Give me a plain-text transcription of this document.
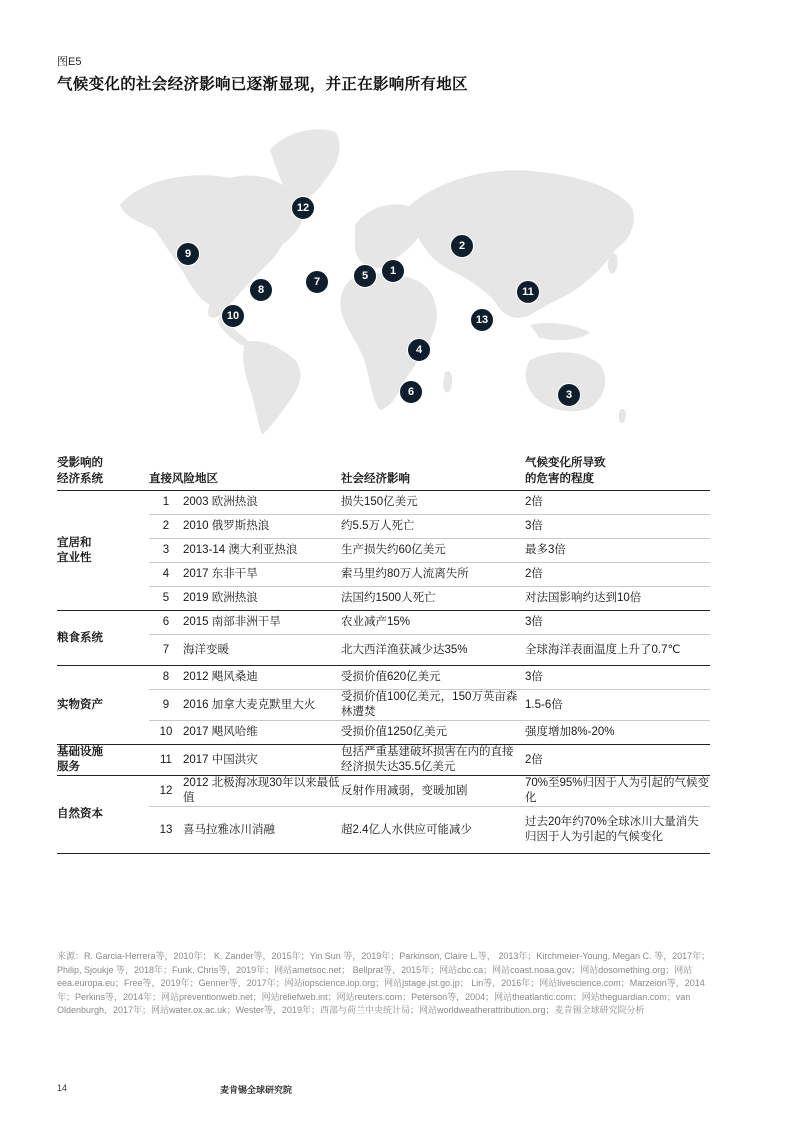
图E5
气候变化的社会经济影响已逐渐显现，并正在影响所有地区
12
9
8
10
7	5	1
2
11
13
4
6	3
受影响的
经济系统	直接风险地区		社会经济影响	气候变化所导致
的危害的程度
宜居和
宜业性	1	2003 欧洲热浪	损失150亿美元	2倍
	2	2010 俄罗斯热浪	约5.5万人死亡	3倍
	3	2013-14 澳大利亚热浪	生产损失约60亿美元	最多3倍
	4	2017 东非干旱	索马里约80万人流离失所	2倍
	5	2019 欧洲热浪	法国约1500人死亡	对法国影响约达到10倍
粮食系统	6	2015 南部非洲干旱	农业减产15%	3倍
	7	海洋变暖	北大西洋渔获减少达35%	全球海洋表面温度上升了0.7℃
实物资产	8	2012 飓风桑迪	受损价值620亿美元	3倍
	9	2016 加拿大麦克默里大火	受损价值100亿美元，150万英亩森林遭焚	1.5-6倍
	10	2017 飓风哈维	受损价值1250亿美元	强度增加8%-20%
基础设施
服务	11	2017 中国洪灾	包括严重基建破坏损害在内的直接经济损失达35.5亿美元	2倍
自然资本	12	2012 北极海冰现30年以来最低值	反射作用减弱，变暖加剧	70%至95%归因于人为引起的气候变化
	13	喜马拉雅冰川消融	超2.4亿人水供应可能减少	过去20年约70%全球冰川大量消失归因于人为引起的气候变化
来源：R. Garcia-Herrera等，2010年； K. Zander等，2015年；Yin Sun 等，2019年；Parkinson, Claire L.等， 2013年；Kirchmeier-Young, Megan C. 等，2017年；Philip, Sjoukje 等，2018年；Funk, Chris等，2019年；网站ametsoc.net； Bellprat等，2015年；网站cbc.ca；网站coast.noaa.gov；网站dosomething.org；网站eea.europa.eu；Free等，2019年；Genner等，2017年；网站iopscience.iop.org；网站jstage.jst.go.jp； Lin等，2016年；网站livescience.com；Marzeion等，2014年；Perkins等，2014年；网站preventionweb.net；网站reliefweb.int；网站reuters.com；Peterson等，2004；网站theatlantic.com；网站theguardian.com；van Oldenburgh，2017年；网站water.ox.ac.uk；Wester等，2019年；西部与荷兰中央统计局；网站worldweatherattribution.org；麦肯锡全球研究院分析
14	麦肯锡全球研究院
